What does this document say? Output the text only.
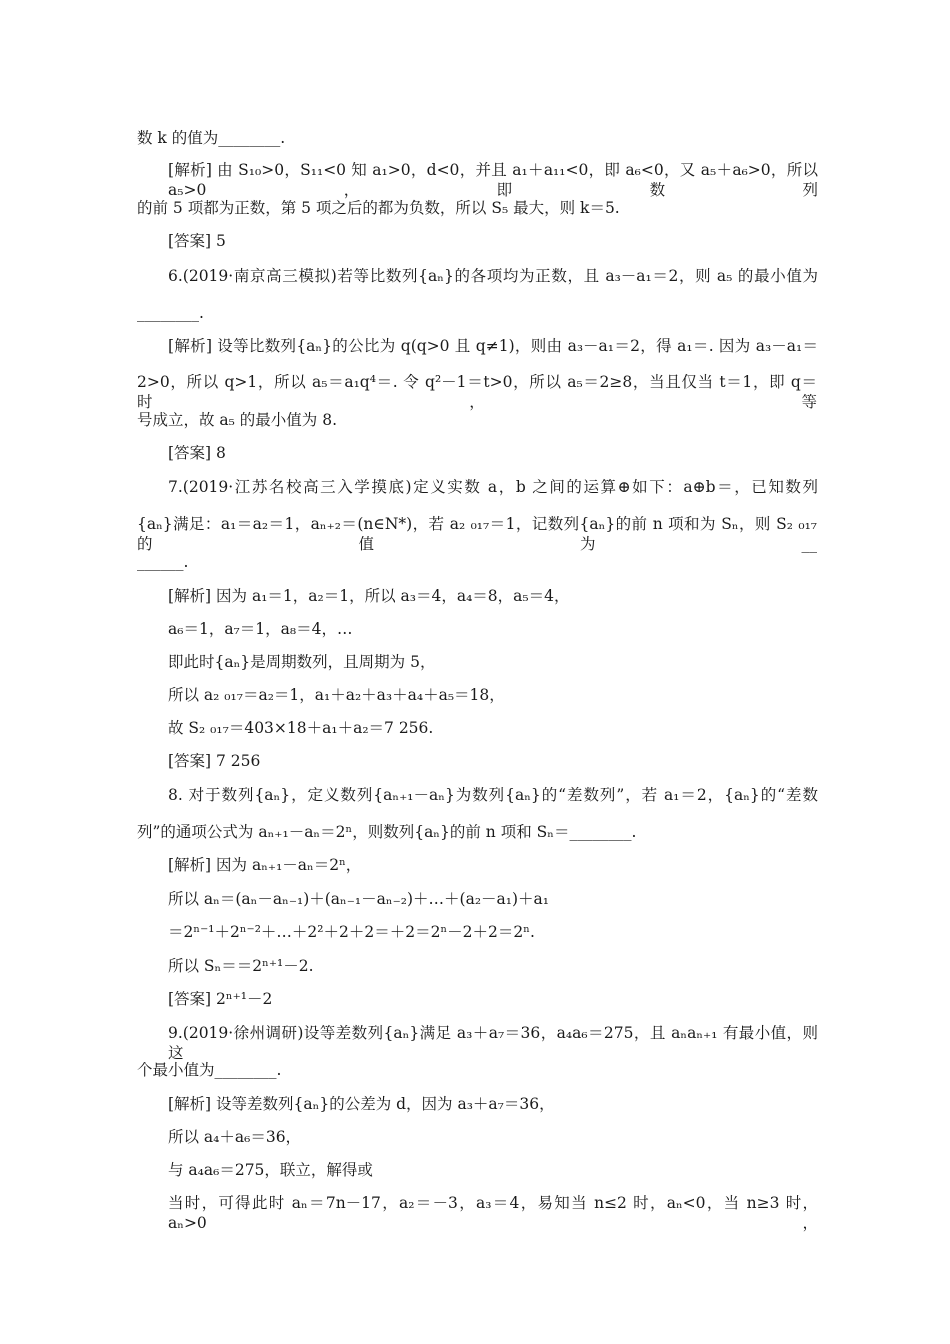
数 k 的值为________.
[解析] 由 S₁₀>0，S₁₁<0 知 a₁>0，d<0，并且 a₁＋a₁₁<0，即 a₆<0，又 a₅＋a₆>0，所以 a₅>0，即数列
的前 5 项都为正数，第 5 项之后的都为负数，所以 S₅ 最大，则 k＝5.
[答案] 5
6.(2019·南京高三模拟)若等比数列{aₙ}的各项均为正数，且 a₃－a₁＝2，则 a₅ 的最小值为
________.
[解析] 设等比数列{aₙ}的公比为 q(q>0 且 q≠1)，则由 a₃－a₁＝2，得 a₁＝. 因为 a₃－a₁＝
2>0，所以 q>1，所以 a₅＝a₁q⁴＝. 令 q²－1＝t>0，所以 a₅＝2≥8，当且仅当 t＝1，即 q＝时，等
号成立，故 a₅ 的最小值为 8.
[答案] 8
7.(2019·江苏名校高三入学摸底)定义实数 a，b 之间的运算⊕如下：a⊕b＝，已知数列
{aₙ}满足：a₁＝a₂＝1，aₙ₊₂＝(n∈N*)，若 a₂ ₀₁₇＝1，记数列{aₙ}的前 n 项和为 Sₙ，则 S₂ ₀₁₇ 的值为__
______.
[解析] 因为 a₁＝1，a₂＝1，所以 a₃＝4，a₄＝8，a₅＝4，
a₆＝1，a₇＝1，a₈＝4，…
即此时{aₙ}是周期数列，且周期为 5，
所以 a₂ ₀₁₇＝a₂＝1，a₁＋a₂＋a₃＋a₄＋a₅＝18，
故 S₂ ₀₁₇＝403×18＋a₁＋a₂＝7 256.
[答案] 7 256
8. 对于数列{aₙ}，定义数列{aₙ₊₁－aₙ}为数列{aₙ}的“差数列”，若 a₁＝2，{aₙ}的“差数
列”的通项公式为 aₙ₊₁－aₙ＝2ⁿ，则数列{aₙ}的前 n 项和 Sₙ＝________.
[解析] 因为 aₙ₊₁－aₙ＝2ⁿ，
所以 aₙ＝(aₙ－aₙ₋₁)＋(aₙ₋₁－aₙ₋₂)＋…＋(a₂－a₁)＋a₁
＝2ⁿ⁻¹＋2ⁿ⁻²＋…＋2²＋2＋2＝＋2＝2ⁿ－2＋2＝2ⁿ.
所以 Sₙ＝＝2ⁿ⁺¹－2.
[答案] 2ⁿ⁺¹－2
9.(2019·徐州调研)设等差数列{aₙ}满足 a₃＋a₇＝36，a₄a₆＝275，且 aₙaₙ₊₁ 有最小值，则这
个最小值为________.
[解析] 设等差数列{aₙ}的公差为 d，因为 a₃＋a₇＝36，
所以 a₄＋a₆＝36，
与 a₄a₆＝275，联立，解得或
当时，可得此时 aₙ＝7n－17，a₂＝－3，a₃＝4，易知当 n≤2 时，aₙ<0，当 n≥3 时，aₙ>0，
